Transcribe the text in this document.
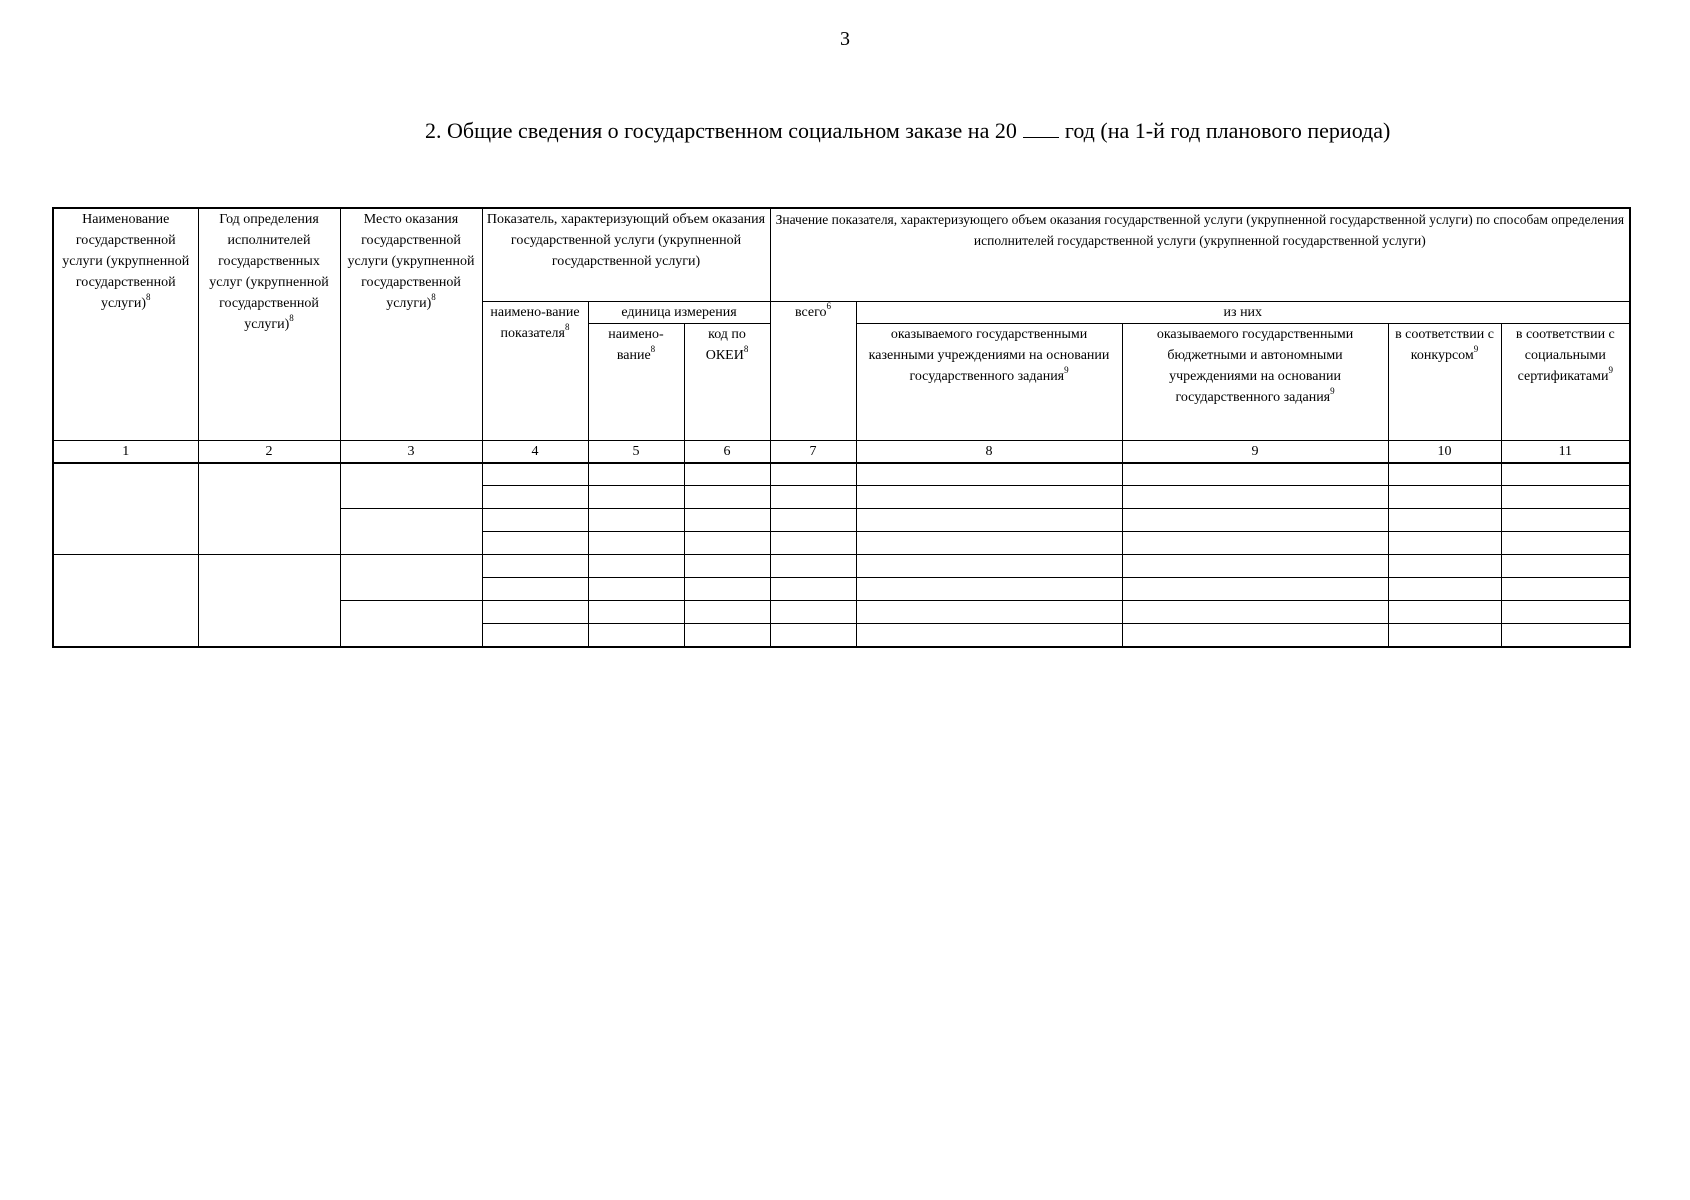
3
2. Общие сведения о государственном социальном заказе на 20 год (на 1-й год планового периода)
Наименование государственной услуги (укрупненной государственной услуги)$^8$	Год определения исполнителей государственных услуг (укрупненной государственной услуги)$^8$	Место оказания государственной услуги (укрупненной государственной услуги)$^8$	Показатель, характеризующий объем оказания государственной услуги (укрупненной государственной услуги)			Значение показателя, характеризующего объем оказания государственной услуги (укрупненной государственной услуги) по способам определения исполнителей государственной услуги (укрупненной государственной услуги)				
			наимено-вание показателя$^8$	единица измерения		всего$^6$	из них			
				наимено-вание$^8$	код по ОКЕИ$^8$		оказываемого государственными казенными учреждениями на основании государственного задания$^9$	оказываемого государственными бюджетными и автономными учреждениями на основании государственного задания$^9$	в соответствии с конкурсом$^9$	в соответствии с социальными сертификатами$^9$
1	2	3	4	5	6	7	8	9	10	11
